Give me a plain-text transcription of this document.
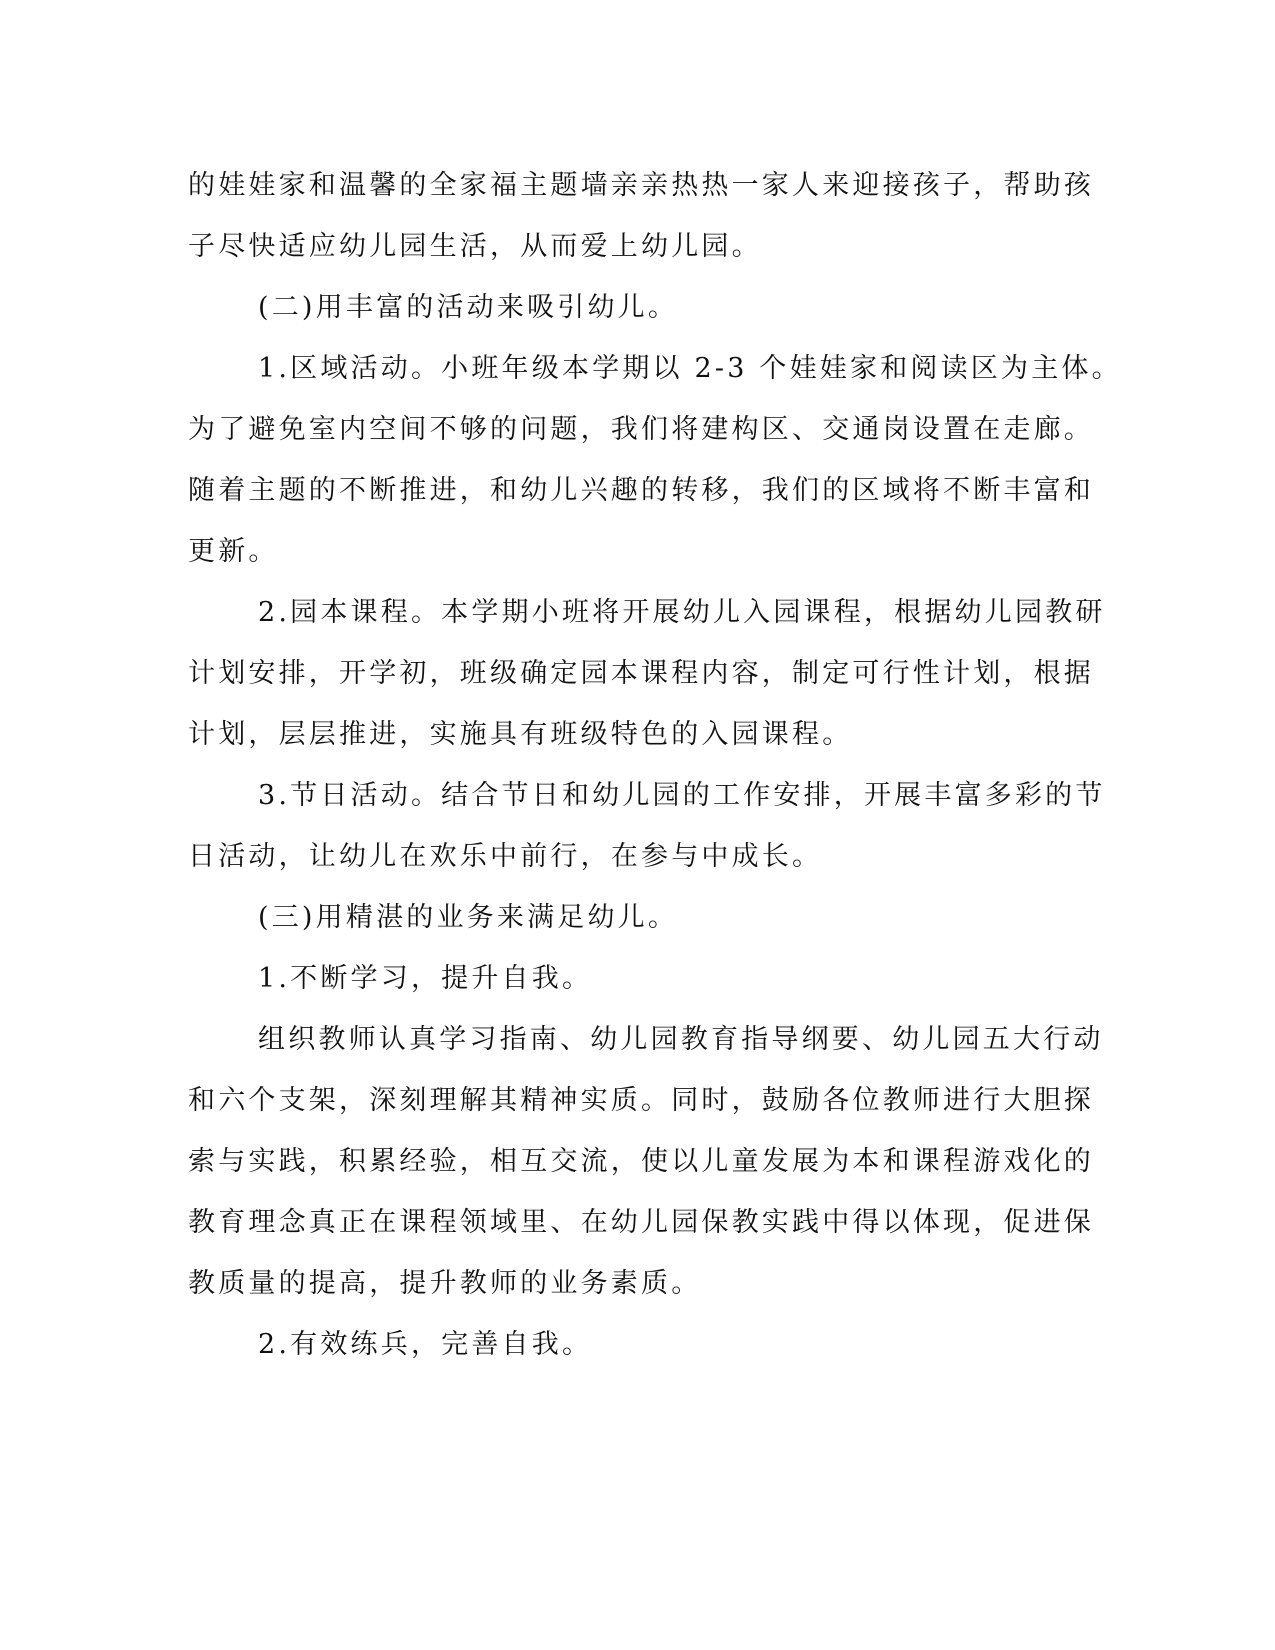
的娃娃家和温馨的全家福主题墙亲亲热热一家人来迎接孩子，帮助孩
子尽快适应幼儿园生活，从而爱上幼儿园。
(二)用丰富的活动来吸引幼儿。
1.区域活动。小班年级本学期以 2-3 个娃娃家和阅读区为主体。
为了避免室内空间不够的问题，我们将建构区、交通岗设置在走廊。
随着主题的不断推进，和幼儿兴趣的转移，我们的区域将不断丰富和
更新。
2.园本课程。本学期小班将开展幼儿入园课程，根据幼儿园教研
计划安排，开学初，班级确定园本课程内容，制定可行性计划，根据
计划，层层推进，实施具有班级特色的入园课程。
3.节日活动。结合节日和幼儿园的工作安排，开展丰富多彩的节
日活动，让幼儿在欢乐中前行，在参与中成长。
(三)用精湛的业务来满足幼儿。
1.不断学习，提升自我。
组织教师认真学习指南、幼儿园教育指导纲要、幼儿园五大行动
和六个支架，深刻理解其精神实质。同时，鼓励各位教师进行大胆探
索与实践，积累经验，相互交流，使以儿童发展为本和课程游戏化的
教育理念真正在课程领域里、在幼儿园保教实践中得以体现，促进保
教质量的提高，提升教师的业务素质。
2.有效练兵，完善自我。
